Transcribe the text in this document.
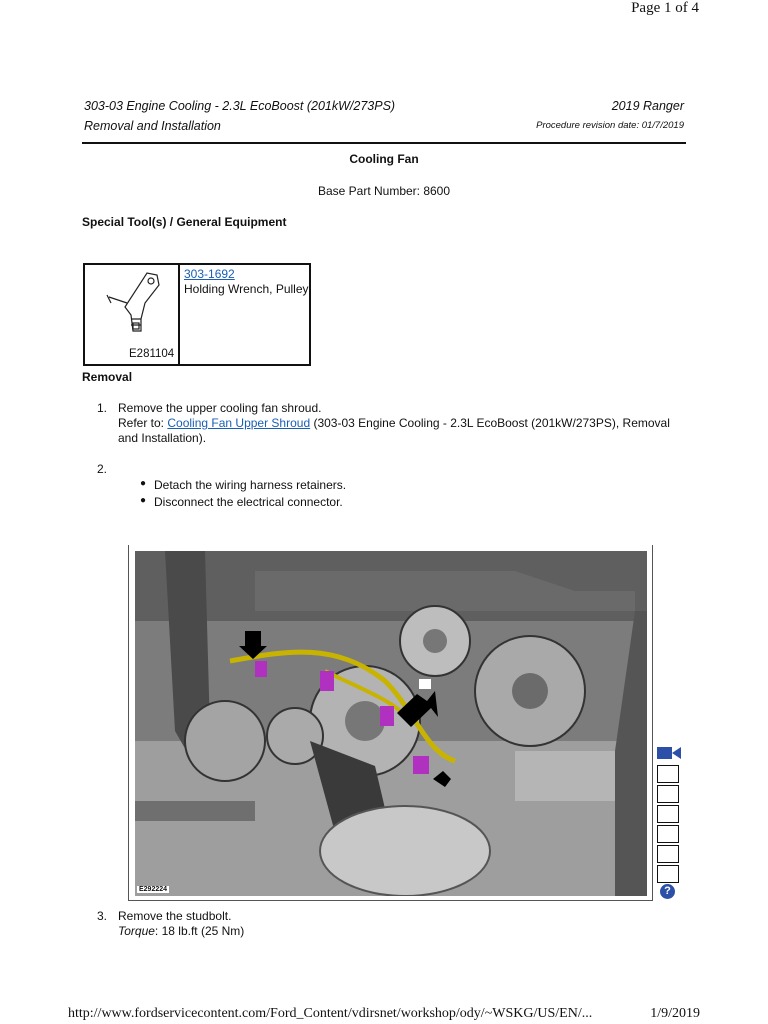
Page 1 of 4
303-03 Engine Cooling - 2.3L EcoBoost (201kW/273PS)
Removal and Installation
2019 Ranger
Procedure revision date: 01/7/2019
Cooling Fan
Base Part Number: 8600
Special Tool(s) / General Equipment
E281104
303-1692
Holding Wrench, Pulley
Removal
1. Remove the upper cooling fan shroud.
Refer to: Cooling Fan Upper Shroud (303-03 Engine Cooling - 2.3L EcoBoost (201kW/273PS), Removal and Installation).
2.
● Detach the wiring harness retainers.
● Disconnect the electrical connector.
E292224	?
3. Remove the studbolt.
Torque: 18 lb.ft (25 Nm)
http://www.fordservicecontent.com/Ford_Content/vdirsnet/workshop/ody/~WSKG/US/EN/...	1/9/2019
